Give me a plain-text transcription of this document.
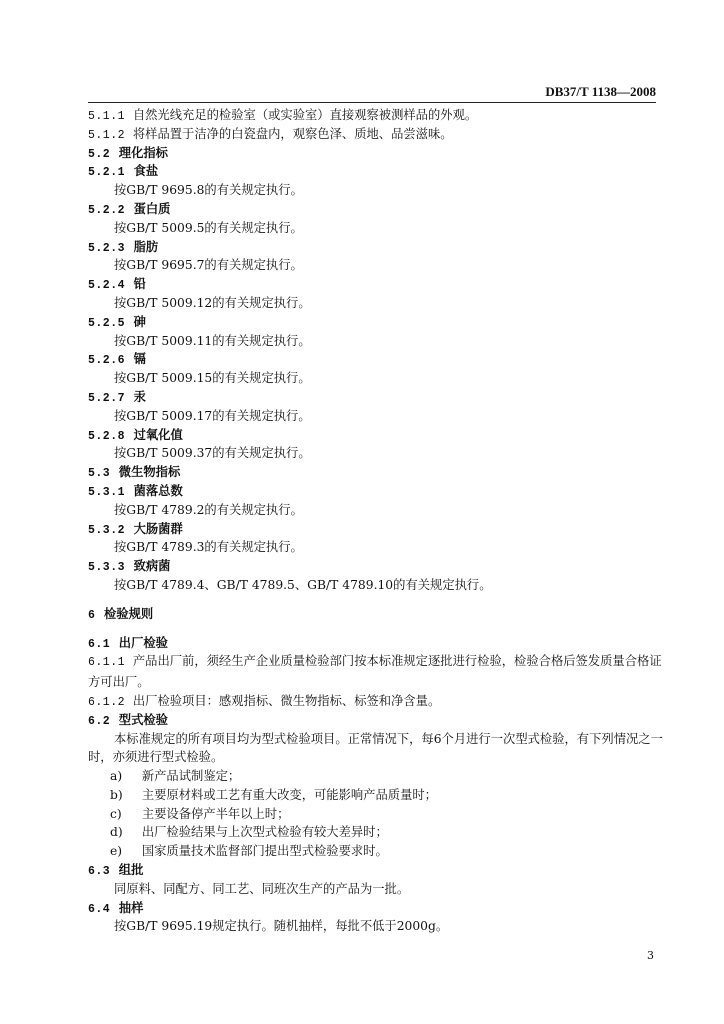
DB37/T 1138—2008
5.1.1 自然光线充足的检验室（或实验室）直接观察被测样品的外观。
5.1.2 将样品置于洁净的白瓷盘内，观察色泽、质地、品尝滋味。
5.2 理化指标
5.2.1 食盐
按GB/T 9695.8的有关规定执行。
5.2.2 蛋白质
按GB/T 5009.5的有关规定执行。
5.2.3 脂肪
按GB/T 9695.7的有关规定执行。
5.2.4 铅
按GB/T 5009.12的有关规定执行。
5.2.5 砷
按GB/T 5009.11的有关规定执行。
5.2.6 镉
按GB/T 5009.15的有关规定执行。
5.2.7 汞
按GB/T 5009.17的有关规定执行。
5.2.8 过氧化值
按GB/T 5009.37的有关规定执行。
5.3 微生物指标
5.3.1 菌落总数
按GB/T 4789.2的有关规定执行。
5.3.2 大肠菌群
按GB/T 4789.3的有关规定执行。
5.3.3 致病菌
按GB/T 4789.4、GB/T 4789.5、GB/T 4789.10的有关规定执行。
6 检验规则
6.1 出厂检验
6.1.1 产品出厂前，须经生产企业质量检验部门按本标准规定逐批进行检验，检验合格后签发质量合格证方可出厂。
6.1.2 出厂检验项目：感观指标、微生物指标、标签和净含量。
6.2 型式检验
本标准规定的所有项目均为型式检验项目。正常情况下，每6个月进行一次型式检验，有下列情况之一时，亦须进行型式检验。
a) 新产品试制鉴定；
b) 主要原材料或工艺有重大改变，可能影响产品质量时；
c) 主要设备停产半年以上时；
d) 出厂检验结果与上次型式检验有较大差异时；
e) 国家质量技术监督部门提出型式检验要求时。
6.3 组批
同原料、同配方、同工艺、同班次生产的产品为一批。
6.4 抽样
按GB/T 9695.19规定执行。随机抽样，每批不低于2000g。
3
